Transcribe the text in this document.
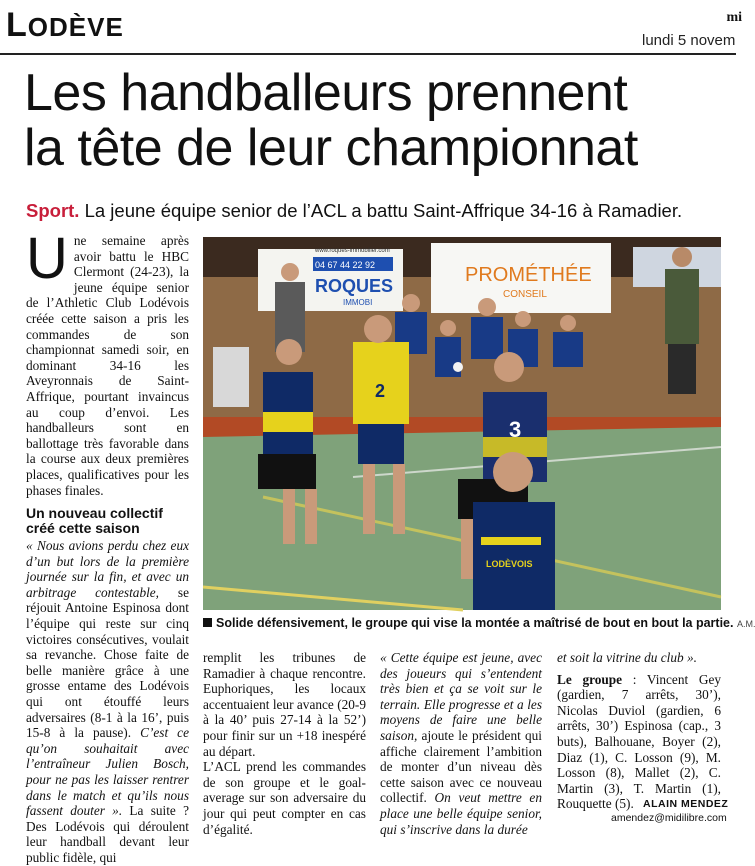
LODÈVE	mi
lundi 5 novem
Les handballeurs prennent
la tête de leur championnat
Sport. La jeune équipe senior de l’ACL a battu Saint-Affrique 34-16 à Ramadier.
U ne semaine après avoir battu le HBC Clermont (24-23), la jeune équipe senior de l’Athletic Club Lodévois créée cette saison a pris les commandes de son championnat samedi soir, en dominant 34-16 les Aveyronnais de Saint-Affrique, pourtant invaincus au coup d’envoi. Les handballeurs sont en ballottage très favorable dans la course aux deux premières places, qualificatives pour les phases finales.

Un nouveau collectif créé cette saison

« Nous avions perdu chez eux d’un but lors de la première journée sur la fin, et avec un arbitrage contestable, se réjouit Antoine Espinosa dont l’équipe qui reste sur cinq victoires consécutives, voulait sa revanche. Chose faite de belle manière grâce à une grosse entame des Lodévois qui ont étouffé leurs adversaires (8-1 à la 16’, puis 15-8 à la pause). C’est ce qu’on souhaitait avec l’entraîneur Julien Bosch, pour ne pas les laisser rentrer dans le match et qu’ils nous fassent douter ». La suite ? Des Lodévois qui déroulent leur handball devant leur public fidèle, qui

04 67 44 22 92
ROQUES
www.roques-immobilier.com
IMMOBI
PROMÉTHÉE
CONSEIL
2
3
LODÈVOIS
Solide défensivement, le groupe qui vise la montée a maîtrisé de bout en bout la partie. A.M.

remplit les tribunes de Ramadier à chaque rencontre. Euphoriques, les locaux accentuaient leur avance (20-9 à la 40’ puis 27-14 à la 52’) pour finir sur un +18 inespéré au départ.

L’ACL prend les commandes de son groupe et le goal-average sur son adversaire du jour qui peut compter en cas d’égalité.

« Cette équipe est jeune, avec des joueurs qui s’entendent très bien et ça se voit sur le terrain. Elle progresse et a les moyens de faire une belle saison, ajoute le président qui affiche clairement l’ambition de monter d’un niveau dès cette saison avec ce nouveau collectif. On veut mettre en place une belle équipe senior, qui s’inscrive dans la durée

et soit la vitrine du club ».

Le groupe : Vincent Gey (gardien, 7 arrêts, 30’), Nicolas Duviol (gardien, 6 arrêts, 30’) Espinosa (cap., 3 buts), Balhouane, Boyer (2), Diaz (1), C. Losson (9), M. Losson (8), Mallet (2), C. Martin (3), T. Martin (1), Rouquette (5). ALAIN MENDEZ
amendez@midilibre.com
